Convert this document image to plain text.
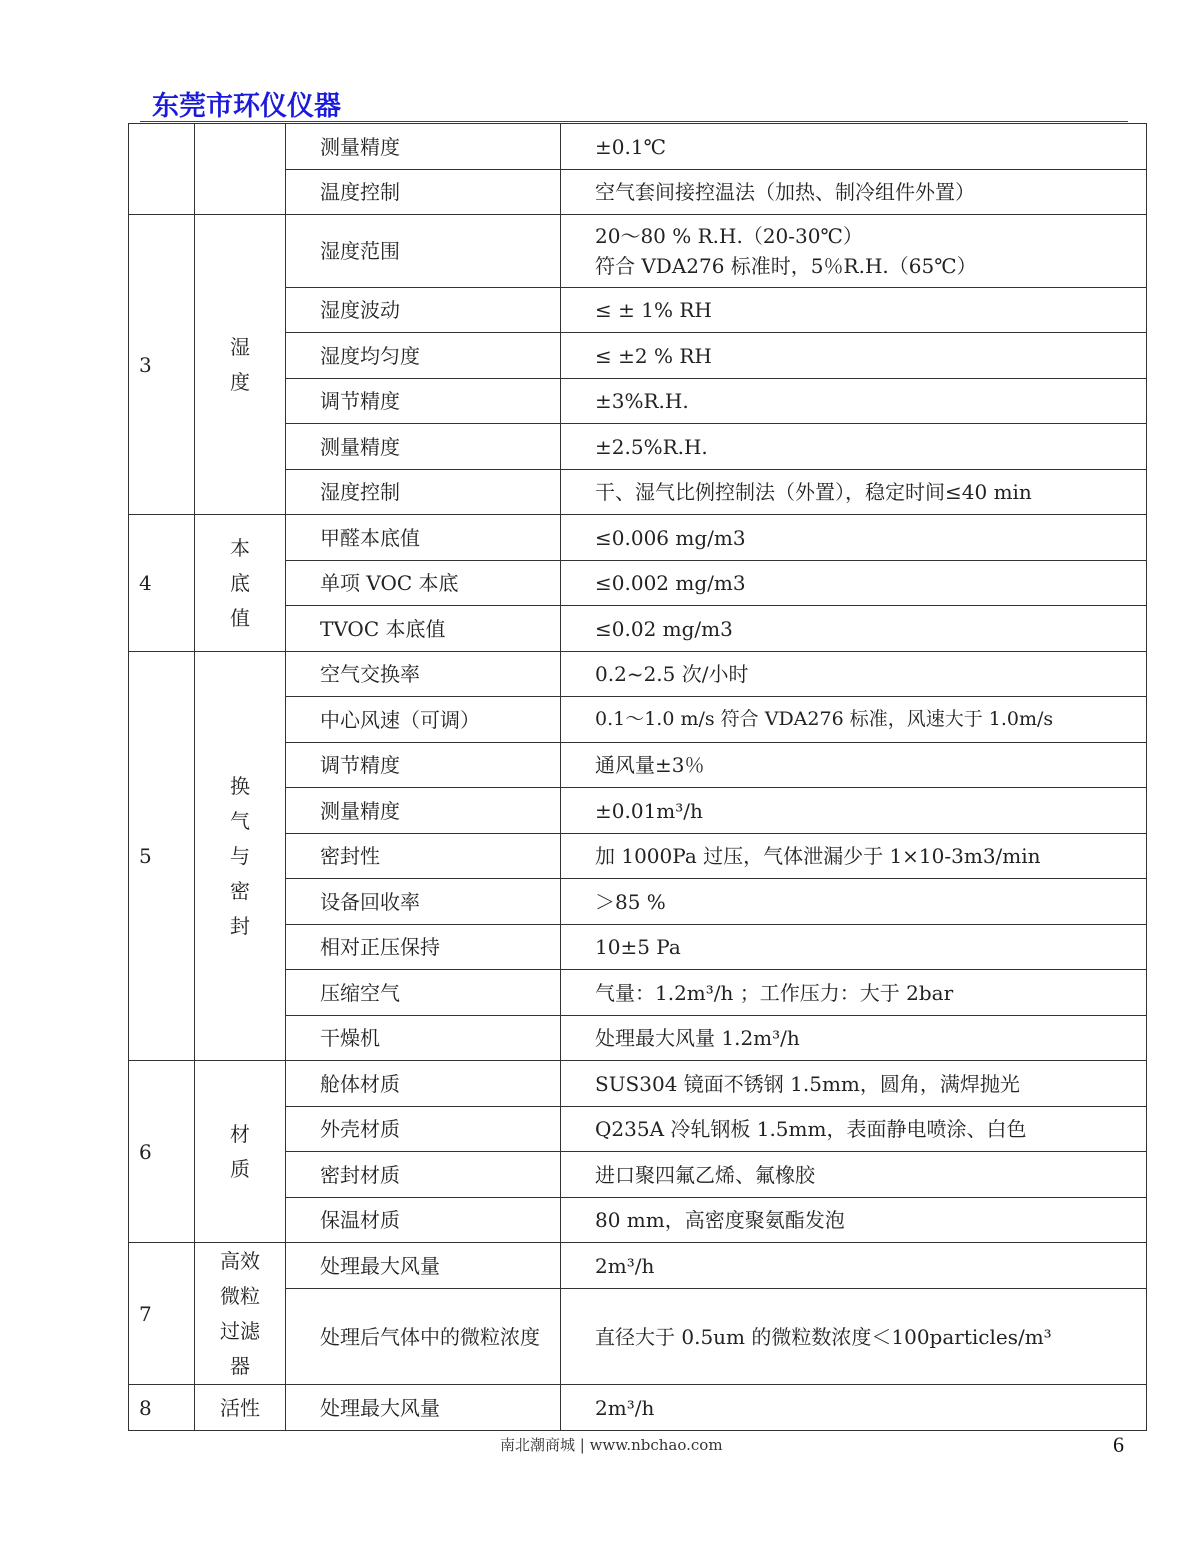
东莞市环仪仪器
		测量精度	±0.1℃
		温度控制	空气套间接控温法（加热、制冷组件外置）
3	湿度	湿度范围	20～80 % R.H.（20-30℃）
符合 VDA276 标准时，5％R.H.（65℃）

		湿度波动	≤ ± 1% RH
		湿度均匀度	≤ ±2 % RH
		调节精度	±3%R.H.
		测量精度	±2.5%R.H.
		湿度控制	干、湿气比例控制法（外置），稳定时间≤40 min
4	本底值	甲醛本底值	≤0.006 mg/m3
		单项 VOC 本底	≤0.002 mg/m3
		TVOC 本底值	≤0.02 mg/m3
5	换气与密封	空气交换率	0.2~2.5 次/小时
		中心风速（可调）	0.1～1.0 m/s 符合 VDA276 标准，风速大于 1.0m/s
		调节精度	通风量±3％
		测量精度	±0.01m³/h
		密封性	加 1000Pa 过压，气体泄漏少于 1×10-3m3/min
		设备回收率	＞85 %
		相对正压保持	10±5 Pa
		压缩空气	气量：1.2m³/h ；工作压力：大于 2bar
		干燥机	处理最大风量 1.2m³/h
6	材质	舱体材质	SUS304 镜面不锈钢 1.5mm，圆角，满焊抛光
		外壳材质	Q235A 冷轧钢板 1.5mm，表面静电喷涂、白色
		密封材质	进口聚四氟乙烯、氟橡胶
		保温材质	80 mm，高密度聚氨酯发泡
7	高效微粒过滤器	处理最大风量	2m³/h
		处理后气体中的微粒浓度	直径大于 0.5um 的微粒数浓度＜100particles/m³
8	活性	处理最大风量	2m³/h
南北潮商城 | www.nbchao.com	6
